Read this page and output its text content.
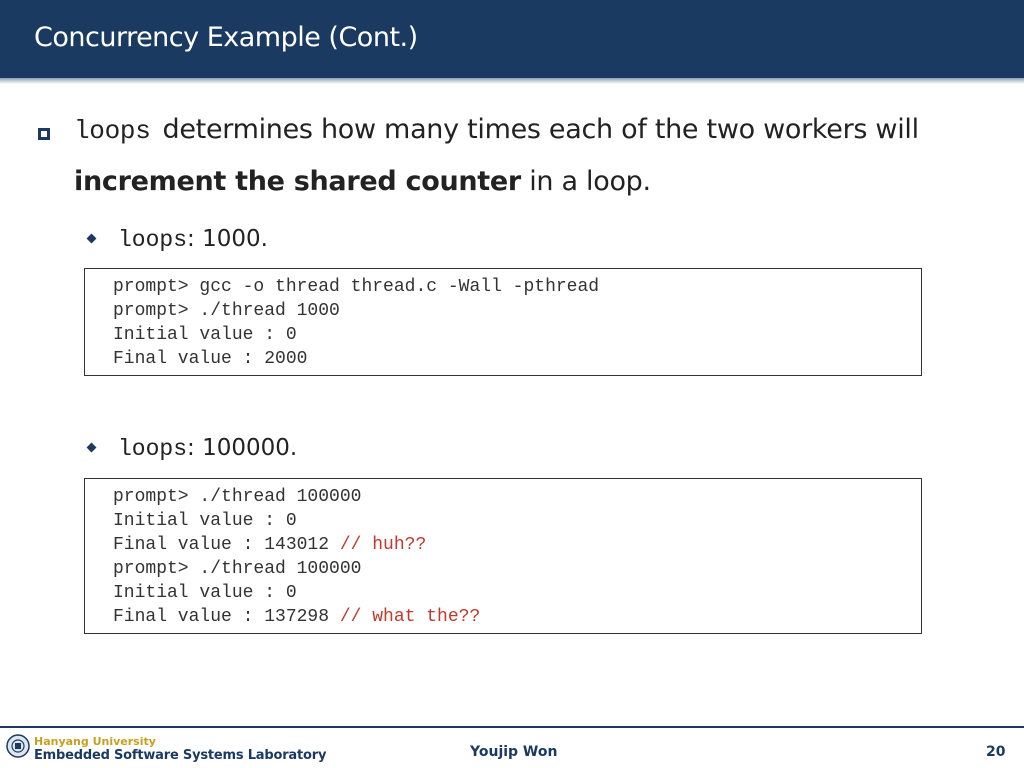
Concurrency Example (Cont.)
loops determines how many times each of the two workers will
increment the shared counter in a loop.
loops: 1000.
prompt> gcc -o thread thread.c -Wall -pthread
prompt> ./thread 1000
Initial value : 0
Final value : 2000
loops: 100000.
prompt> ./thread 100000
Initial value : 0
Final value : 143012 // huh??
prompt> ./thread 100000
Initial value : 0
Final value : 137298 // what the??
Hanyang University
Embedded Software Systems Laboratory	Youjip Won	20
